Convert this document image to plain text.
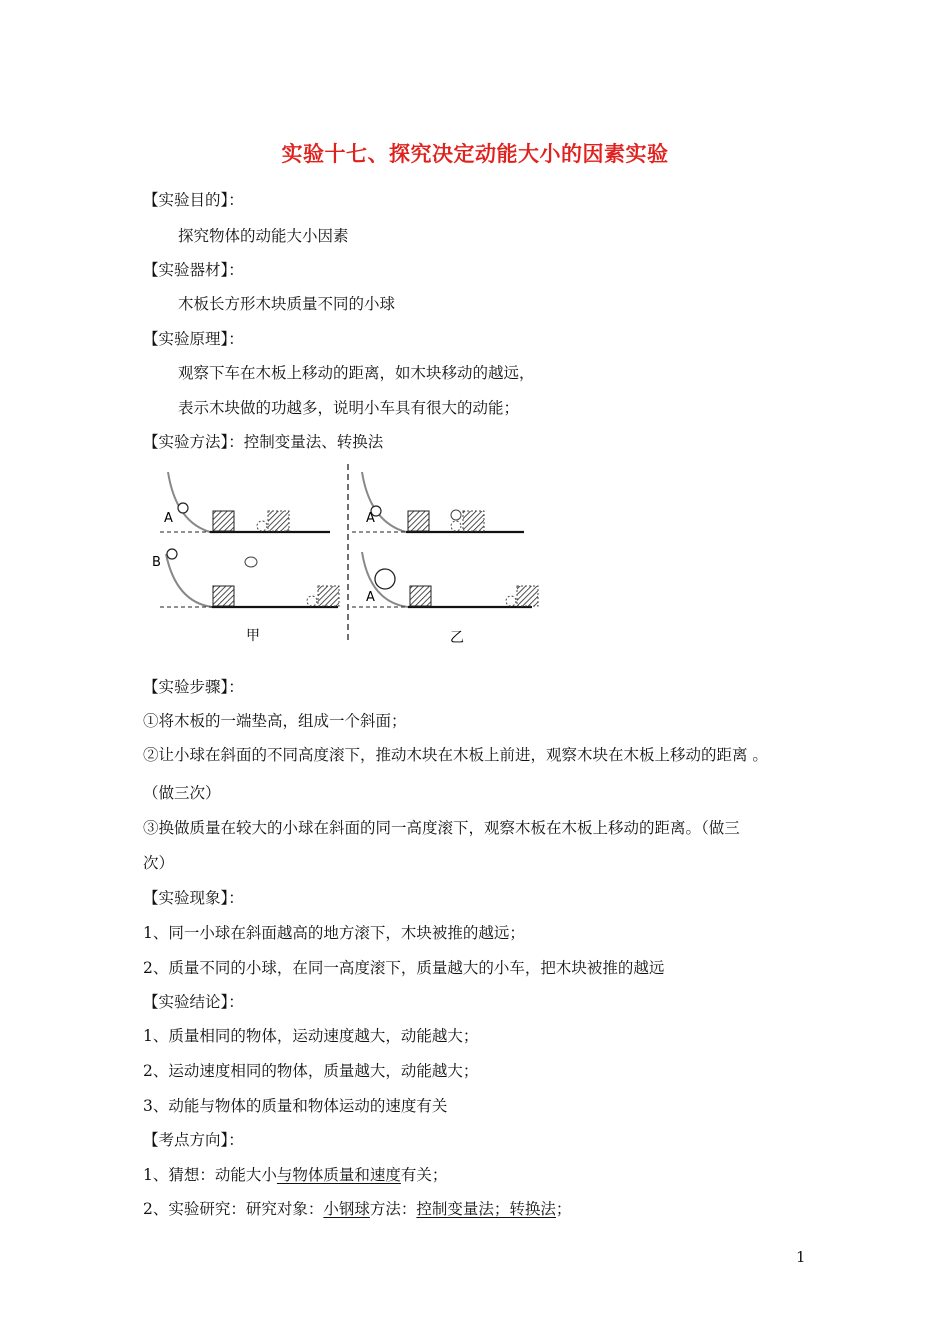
实验十七、探究决定动能大小的因素实验
【实验目的】：
探究物体的动能大小因素
【实验器材】：
木板长方形木块质量不同的小球
【实验原理】：
观察下车在木板上移动的距离，如木块移动的越远，
表示木块做的功越多，说明小车具有很大的动能；
【实验方法】：控制变量法、转换法
A
B
A
A
甲	乙
【实验步骤】：
①将木板的一端垫高，组成一个斜面；
②让小球在斜面的不同高度滚下，推动木块在木板上前进，观察木块在木板上移动的距离 。
（做三次）
③换做质量在较大的小球在斜面的同一高度滚下，观察木板在木板上移动的距离。（做三
次）
【实验现象】：
1、同一小球在斜面越高的地方滚下，木块被推的越远；
2、质量不同的小球，在同一高度滚下，质量越大的小车，把木块被推的越远
【实验结论】：
1、质量相同的物体，运动速度越大，动能越大；
2、运动速度相同的物体，质量越大，动能越大；
3、动能与物体的质量和物体运动的速度有关
【考点方向】：
1、猜想：动能大小与物体质量和速度有关；
2、实验研究：研究对象：小钢球方法：控制变量法；转换法；
1
